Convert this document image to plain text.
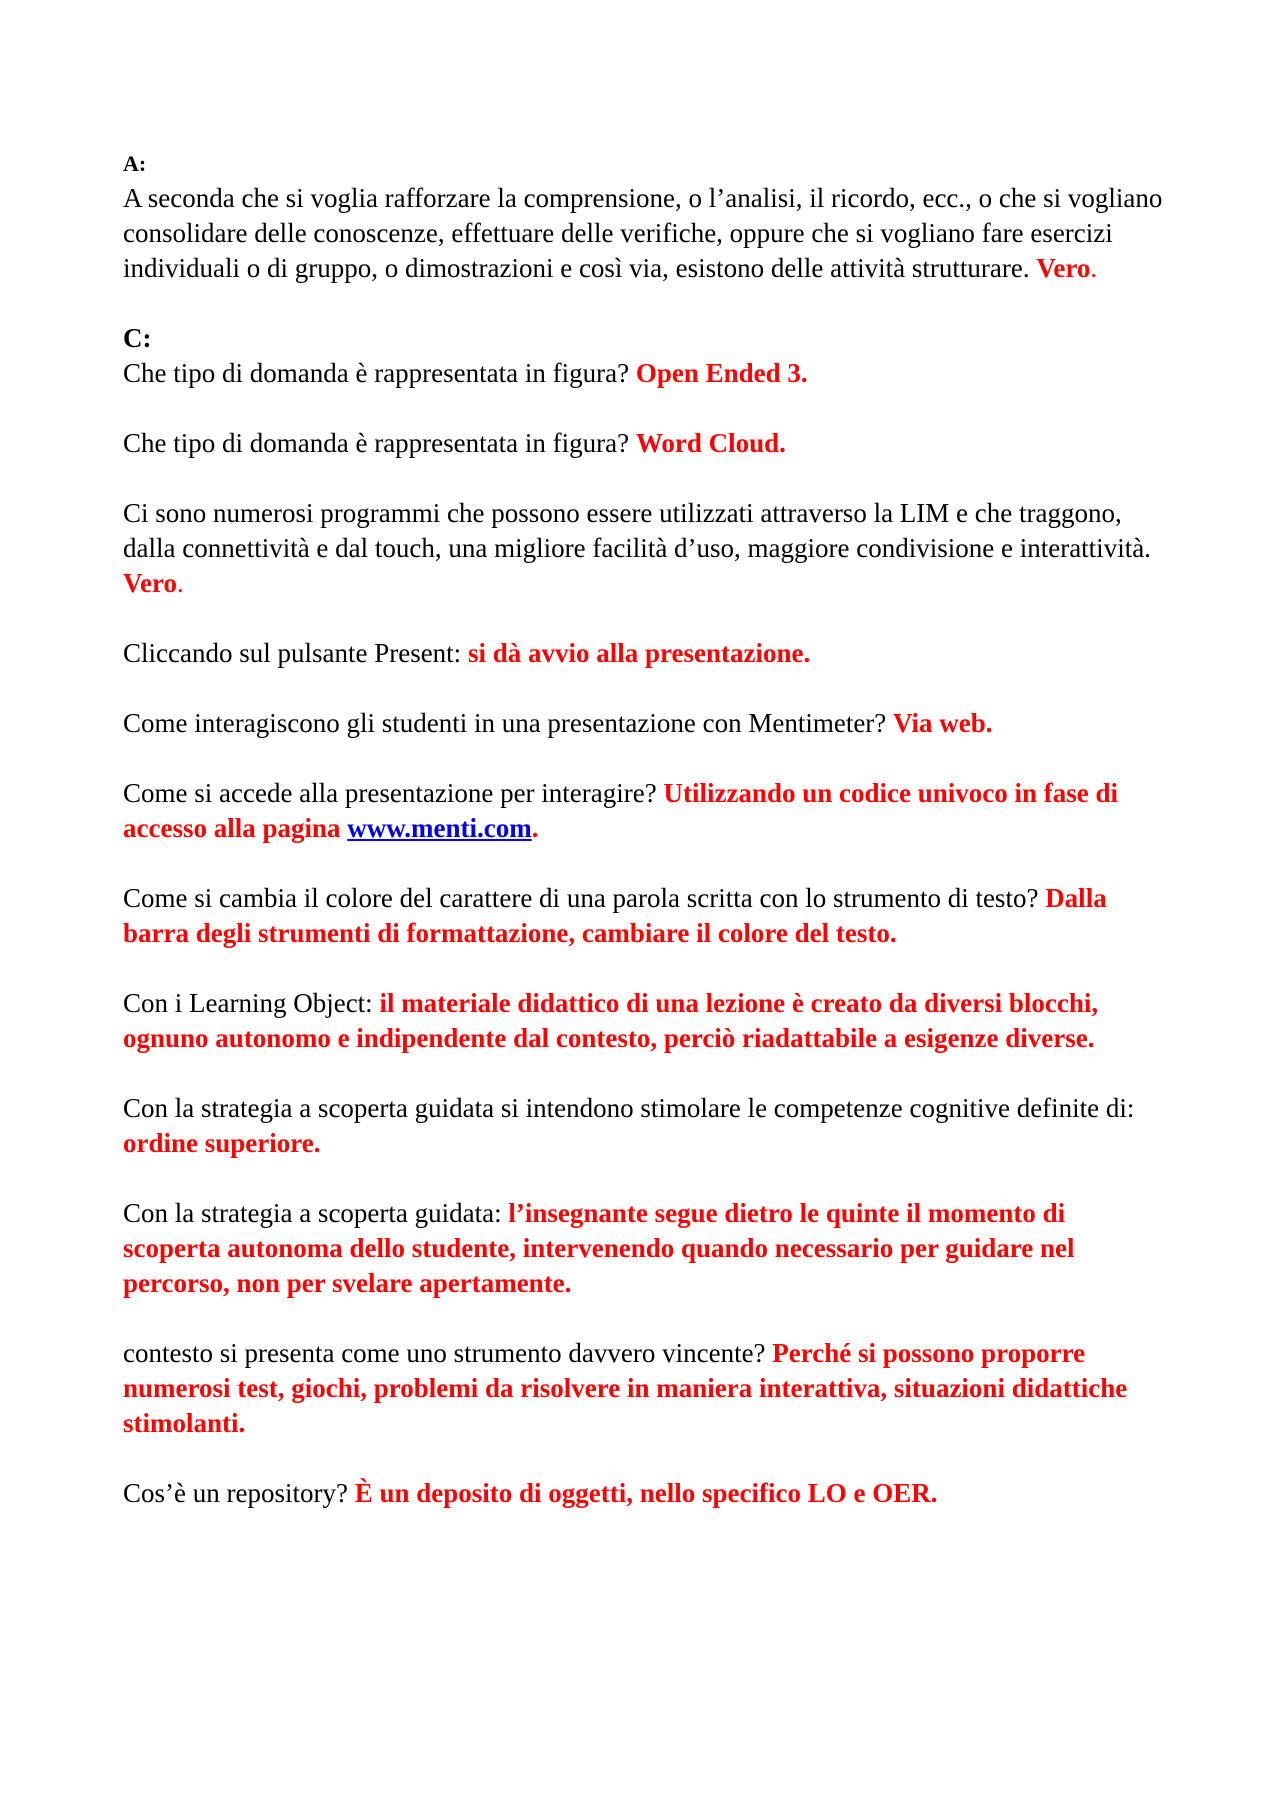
A:

A seconda che si voglia rafforzare la comprensione, o l’analisi, il ricordo, ecc., o che si vogliano consolidare delle conoscenze, effettuare delle verifiche, oppure che si vogliano fare esercizi individuali o di gruppo, o dimostrazioni e così via, esistono delle attività strutturare. Vero.

C:

Che tipo di domanda è rappresentata in figura? Open Ended 3.

Che tipo di domanda è rappresentata in figura? Word Cloud.

Ci sono numerosi programmi che possono essere utilizzati attraverso la LIM e che traggono, dalla connettività e dal touch, una migliore facilità d’uso, maggiore condivisione e interattività. Vero.

Cliccando sul pulsante Present: si dà avvio alla presentazione.

Come interagiscono gli studenti in una presentazione con Mentimeter? Via web.

Come si accede alla presentazione per interagire? Utilizzando un codice univoco in fase di accesso alla pagina www.menti.com.

Come si cambia il colore del carattere di una parola scritta con lo strumento di testo? Dalla barra degli strumenti di formattazione, cambiare il colore del testo.

Con i Learning Object: il materiale didattico di una lezione è creato da diversi blocchi, ognuno autonomo e indipendente dal contesto, perciò riadattabile a esigenze diverse.

Con la strategia a scoperta guidata si intendono stimolare le competenze cognitive definite di: ordine superiore.

Con la strategia a scoperta guidata: l’insegnante segue dietro le quinte il momento di scoperta autonoma dello studente, intervenendo quando necessario per guidare nel percorso, non per svelare apertamente.

contesto si presenta come uno strumento davvero vincente? Perché si possono proporre numerosi test, giochi, problemi da risolvere in maniera interattiva, situazioni didattiche stimolanti.

Cos’è un repository? È un deposito di oggetti, nello specifico LO e OER.
